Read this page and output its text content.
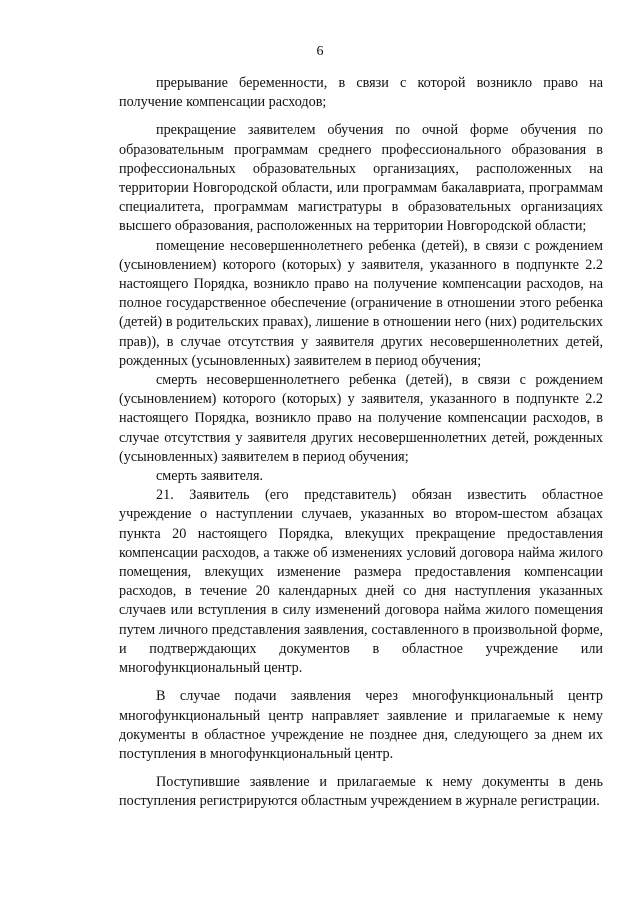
6

прерывание беременности, в связи с которой возникло право на получение компенсации расходов;

прекращение заявителем обучения по очной форме обучения по образовательным программам среднего профессионального образования в профессиональных образовательных организациях, расположенных на территории Новгородской области, или программам бакалавриата, программам специалитета, программам магистратуры в образовательных организациях высшего образования, расположенных на территории Новгородской области;

помещение несовершеннолетнего ребенка (детей), в связи с рождением (усыновлением) которого (которых) у заявителя, указанного в подпункте 2.2 настоящего Порядка, возникло право на получение компенсации расходов, на полное государственное обеспечение (ограничение в отношении этого ребенка (детей) в родительских правах), лишение в отношении него (них) родительских прав)), в случае отсутствия у заявителя других несовершеннолетних детей, рожденных (усыновленных) заявителем в период обучения;

смерть несовершеннолетнего ребенка (детей), в связи с рождением (усыновлением) которого (которых) у заявителя, указанного в подпункте 2.2 настоящего Порядка, возникло право на получение компенсации расходов, в случае отсутствия у заявителя других несовершеннолетних детей, рожденных (усыновленных) заявителем в период обучения;

смерть заявителя.

21. Заявитель (его представитель) обязан известить областное учреждение о наступлении случаев, указанных во втором-шестом абзацах пункта 20 настоящего Порядка, влекущих прекращение предоставления компенсации расходов, а также об изменениях условий договора найма жилого помещения, влекущих изменение размера предоставления компенсации расходов, в течение 20 календарных дней со дня наступления указанных случаев или вступления в силу изменений договора найма жилого помещения путем личного представления заявления, составленного в произвольной форме, и подтверждающих документов в областное учреждение или многофункциональный центр.

В случае подачи заявления через многофункциональный центр многофункциональный центр направляет заявление и прилагаемые к нему документы в областное учреждение не позднее дня, следующего за днем их поступления в многофункциональный центр.

Поступившие заявление и прилагаемые к нему документы в день поступления регистрируются областным учреждением в журнале регистрации.
